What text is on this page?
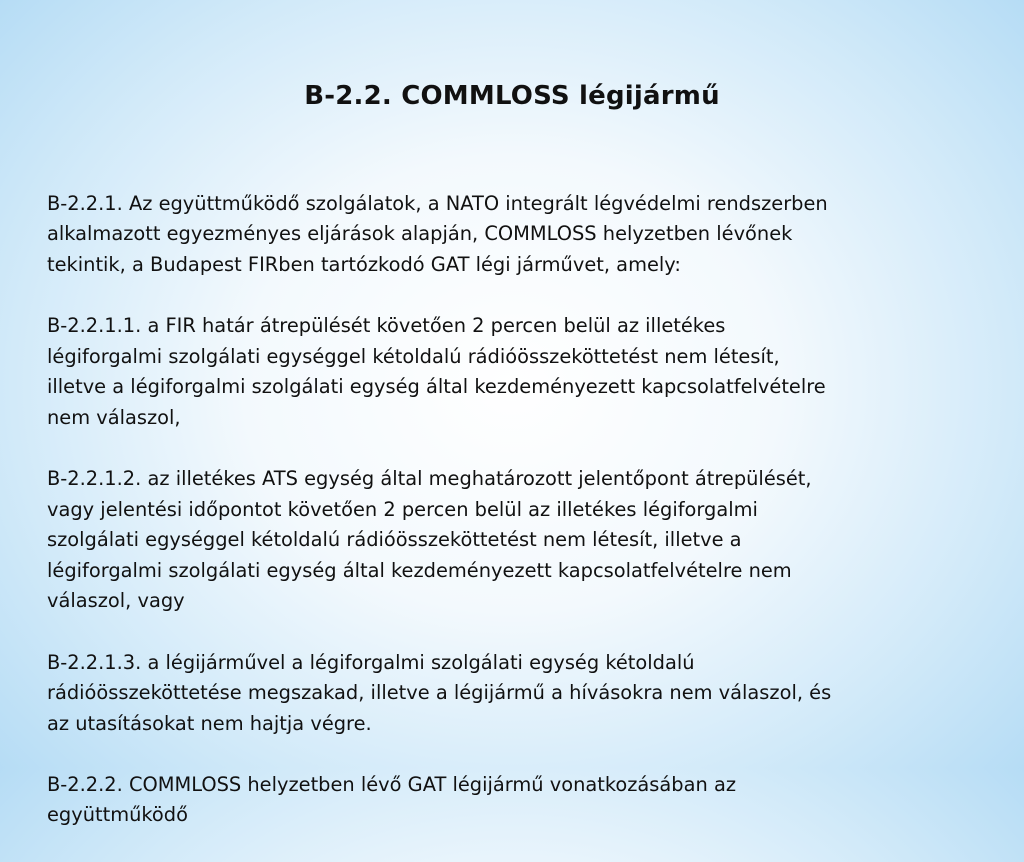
B-2.2. COMMLOSS légijármű

B-2.2.1. Az együttműködő szolgálatok, a NATO integrált légvédelmi rendszerben
alkalmazott egyezményes eljárások alapján, COMMLOSS helyzetben lévőnek
tekintik, a Budapest FIRben tartózkodó GAT légi járművet, amely:

B-2.2.1.1. a FIR határ átrepülését követően 2 percen belül az illetékes
légiforgalmi szolgálati egységgel kétoldalú rádióösszeköttetést nem létesít,
illetve a légiforgalmi szolgálati egység által kezdeményezett kapcsolatfelvételre
nem válaszol,

B-2.2.1.2. az illetékes ATS egység által meghatározott jelentőpont átrepülését,
vagy jelentési időpontot követően 2 percen belül az illetékes légiforgalmi
szolgálati egységgel kétoldalú rádióösszeköttetést nem létesít, illetve a
légiforgalmi szolgálati egység által kezdeményezett kapcsolatfelvételre nem
válaszol, vagy

B-2.2.1.3. a légijárművel a légiforgalmi szolgálati egység kétoldalú
rádióösszeköttetése megszakad, illetve a légijármű a hívásokra nem válaszol, és
az utasításokat nem hajtja végre.

B-2.2.2. COMMLOSS helyzetben lévő GAT légijármű vonatkozásában az
együttműködő
